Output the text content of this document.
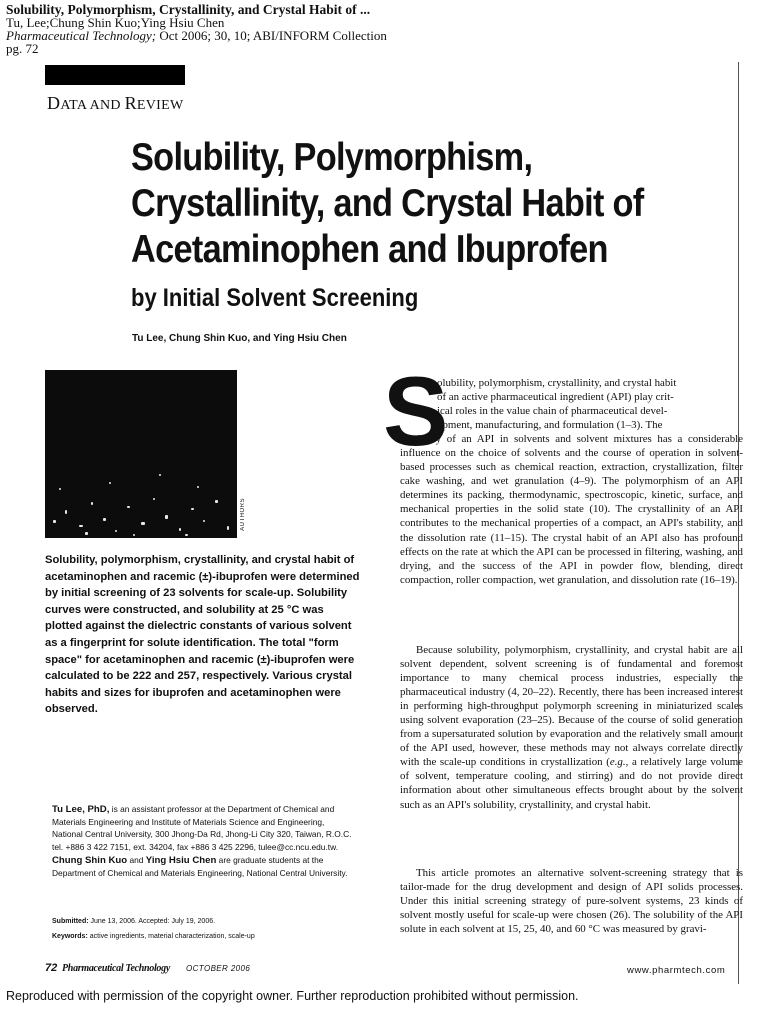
Solubility, Polymorphism, Crystallinity, and Crystal Habit of ...
Tu, Lee;Chung Shin Kuo;Ying Hsiu Chen
Pharmaceutical Technology; Oct 2006; 30, 10; ABI/INFORM Collection
pg. 72
DATA AND REVIEW
Solubility, Polymorphism,
Crystallinity, and Crystal Habit of
Acetaminophen and Ibuprofen
by Initial Solvent Screening
Tu Lee, Chung Shin Kuo, and Ying Hsiu Chen
AUTHORS

Solubility, polymorphism, crystallinity, and crystal habit of acetaminophen and racemic (±)-ibuprofen were determined by initial screening of 23 solvents for scale-up. Solubility curves were constructed, and solubility at 25 °C was plotted against the dielectric constants of various solvent as a fingerprint for solute identification. The total "form space" for acetaminophen and racemic (±)-ibuprofen were calculated to be 222 and 257, respectively. Various crystal habits and sizes for ibuprofen and acetaminophen were observed.

Tu Lee, PhD, is an assistant professor at the Department of Chemical and Materials Engineering and Institute of Materials Science and Engineering, National Central University, 300 Jhong-Da Rd, Jhong-Li City 320, Taiwan, R.O.C. tel. +886 3 422 7151, ext. 34204, fax +886 3 425 2296, tulee@cc.ncu.edu.tw. Chung Shin Kuo and Ying Hsiu Chen are graduate students at the Department of Chemical and Materials Engineering, National Central University.

Submitted: June 13, 2006. Accepted: July 19, 2006.
Keywords: active ingredients, material characterization, scale-up
S

olubility, polymorphism, crystallinity, and crystal habit
of an active pharmaceutical ingredient (API) play crit-
ical roles in the value chain of pharmaceutical devel-
opment, manufacturing, and formulation (1–3). The
solubility of an API in solvents and solvent mixtures has a considerable influence on the choice of solvents and the course of operation in solvent-based processes such as chemical reaction, extraction, crystallization, filter cake washing, and wet granulation (4–9). The polymorphism of an API determines its packing, thermodynamic, spectroscopic, kinetic, surface, and mechanical properties in the solid state (10). The crystallinity of an API contributes to the mechanical properties of a compact, an API's stability, and the dissolution rate (11–15). The crystal habit of an API also has profound effects on the rate at which the API can be processed in filtering, washing, and drying, and the success of the API in powder flow, blending, direct compaction, roller compaction, wet granulation, and dissolution rate (16–19).

Because solubility, polymorphism, crystallinity, and crystal habit are all solvent dependent, solvent screening is of fundamental and foremost importance to many chemical process industries, especially the pharmaceutical industry (4, 20–22). Recently, there has been increased interest in performing high-throughput polymorph screening in miniaturized scales using solvent evaporation (23–25). Because of the course of solid generation from a supersaturated solution by evaporation and the relatively small amount of the API used, however, these methods may not always correlate directly with the scale-up conditions in crystallization (e.g., a relatively large volume of solvent, temperature cooling, and stirring) and do not provide direct information about other simultaneous effects brought about by the solvent such as an API's solubility, crystallinity, and crystal habit.

This article promotes an alternative solvent-screening strategy that is tailor-made for the drug development and design of API solids processes. Under this initial screening strategy of pure-solvent systems, 23 kinds of solvent mostly useful for scale-up were chosen (26). The solubility of the API solute in each solvent at 15, 25, 40, and 60 °C was measured by gravi-

72 Pharmaceutical Technology OCTOBER 2006	www.pharmtech.com
Reproduced with permission of the copyright owner. Further reproduction prohibited without permission.
